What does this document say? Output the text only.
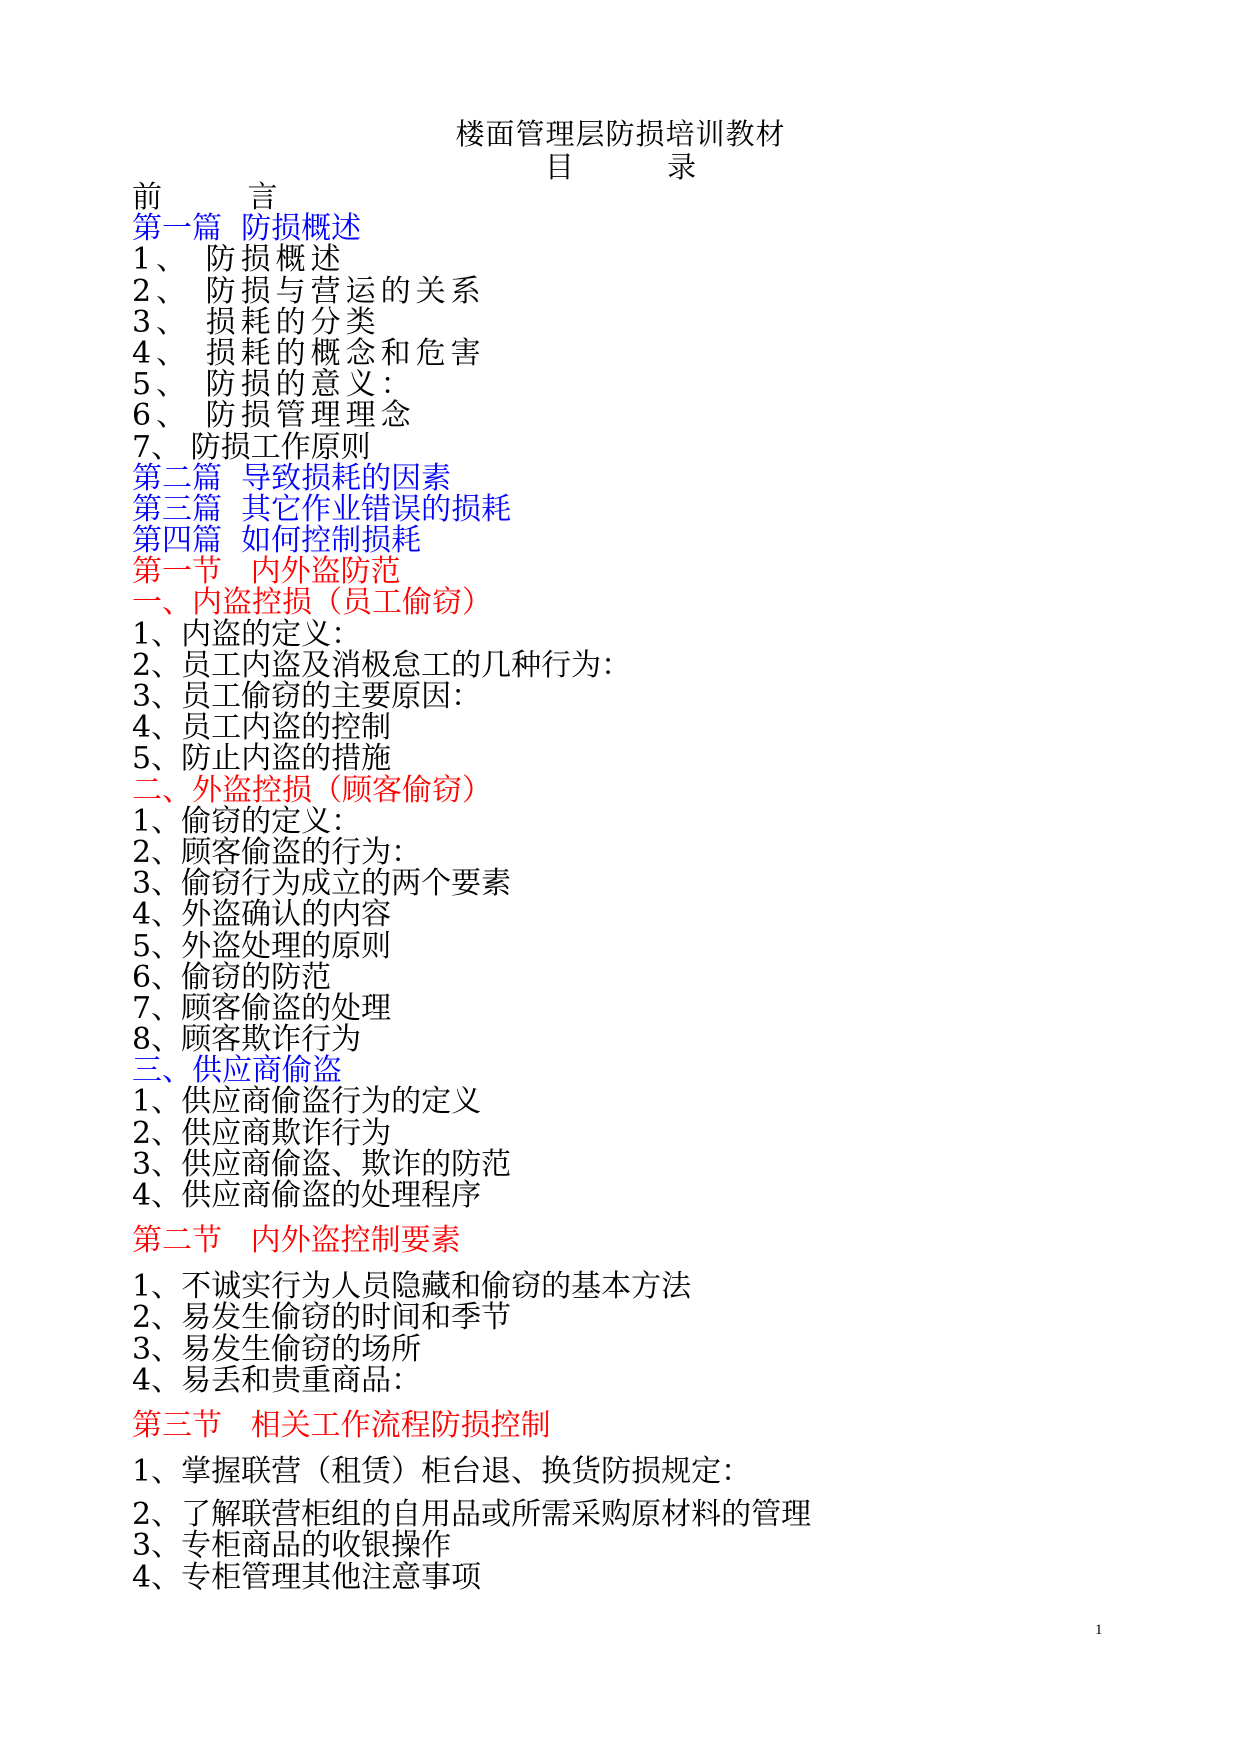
楼面管理层防损培训教材
目 录
前 言
第一篇  防损概述
1、 防损概述
2、 防损与营运的关系
3、 损耗的分类
4、 损耗的概念和危害
5、 防损的意义：
6、 防损管理理念
7、 防损工作原则
第二篇  导致损耗的因素
第三篇  其它作业错误的损耗
第四篇  如何控制损耗
第一节   内外盗防范
一、内盗控损（员工偷窃）
1、内盗的定义：
2、员工内盗及消极怠工的几种行为：
3、员工偷窃的主要原因：
4、员工内盗的控制
5、防止内盗的措施
二、外盗控损（顾客偷窃）
1、偷窃的定义：
2、顾客偷盗的行为：
3、偷窃行为成立的两个要素
4、外盗确认的内容
5、外盗处理的原则
6、偷窃的防范
7、顾客偷盗的处理
8、顾客欺诈行为
三、供应商偷盗
1、供应商偷盗行为的定义
2、供应商欺诈行为
3、供应商偷盗、欺诈的防范
4、供应商偷盗的处理程序
第二节   内外盗控制要素
1、不诚实行为人员隐藏和偷窃的基本方法
2、易发生偷窃的时间和季节
3、易发生偷窃的场所
4、易丢和贵重商品：
第三节   相关工作流程防损控制
1、掌握联营（租赁）柜台退、换货防损规定：
2、了解联营柜组的自用品或所需采购原材料的管理
3、专柜商品的收银操作
4、专柜管理其他注意事项
1
